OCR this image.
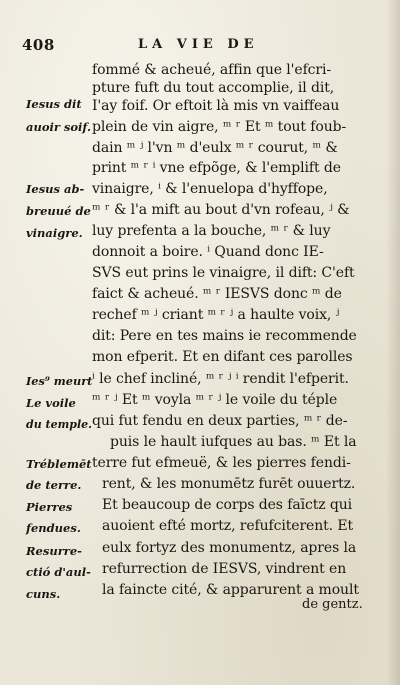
408	LA VIE DE
Iesus dit
auoir soif.
Iesus ab-
breuué de
vinaigre.
Ies⁹ meurt
Le voile
du temple.
Tréblemēt
de terre.
Pierres
fendues.
Resurre-
ctió d'aul-
cuns.
fommé & acheué, affin que l'efcri-
pture fuft du tout accomplie, il dit,
I'ay foif. Or eftoit là mis vn vaiffeau
plein de vin aigre, ᵐ ʳ Et ᵐ tout foub-
dain ᵐ ʲ l'vn ᵐ d'eulx ᵐ ʳ courut, ᵐ &
print ᵐ ʳ ⁱ vne efpõge, & l'emplift de
vinaigre, ⁱ & l'enuelopa d'hyffope,
ᵐ ʳ & l'a mift au bout d'vn rofeau, ʲ &
luy prefenta a la bouche, ᵐ ʳ & luy
donnoit a boire. ⁱ Quand donc IE-
SVS eut prins le vinaigre, il dift: C'eft
faict & acheué. ᵐ ʳ IESVS donc ᵐ de
rechef ᵐ ʲ criant ᵐ ʳ ʲ a haulte voix, ʲ
dit: Pere en tes mains ie recommende
mon efperit. Et en difant ces parolles
ⁱ le chef incliné, ᵐ ʳ ʲ ⁱ rendit l'efperit.
ᵐ ʳ ʲ Et ᵐ voyla ᵐ ʳ ʲ le voile du téple
qui fut fendu en deux parties, ᵐ ʳ de-
puis le hault iufques au bas. ᵐ Et la
terre fut efmeuë, & les pierres fendi-
rent, & les monumētz furēt ouuertz.
Et beaucoup de corps des faīctz qui
auoient efté mortz, refufciterent. Et
eulx fortyz des monumentz, apres la
refurrection de IESVS, vindrent en
la faincte cité, & apparurent a moult
de gentz.
